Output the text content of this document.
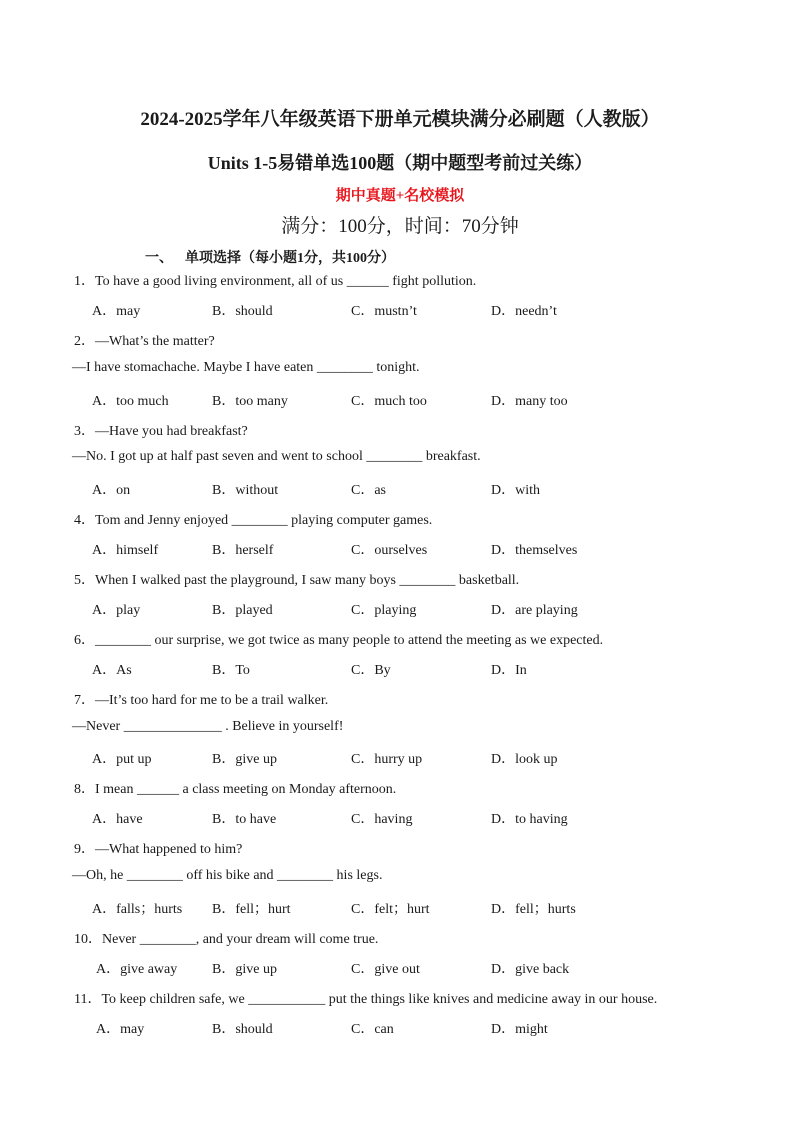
2024-2025学年八年级英语下册单元模块满分必刷题（人教版）
Units 1-5易错单选100题（期中题型考前过关练）
期中真题+名校模拟
满分：100分，时间：70分钟
一、 单项选择（每小题1分，共100分）
1．To have a good living environment, all of us ______ fight pollution.
A．may	B．should	C．mustn’t	D．needn’t
2．—What’s the matter?
—I have stomachache. Maybe I have eaten ________ tonight.
A．too much	B．too many	C．much too	D．many too
3．—Have you had breakfast?
—No. I got up at half past seven and went to school ________ breakfast.
A．on	B．without	C．as	D．with
4．Tom and Jenny enjoyed ________ playing computer games.
A．himself	B．herself	C．ourselves	D．themselves
5．When I walked past the playground, I saw many boys ________ basketball.
A．play	B．played	C．playing	D．are playing
6．________ our surprise, we got twice as many people to attend the meeting as we expected.
A．As	B．To	C．By	D．In
7．—It’s too hard for me to be a trail walker.
—Never ______________ . Believe in yourself!
A．put up	B．give up	C．hurry up	D．look up
8．I mean ______ a class meeting on Monday afternoon.
A．have	B．to have	C．having	D．to having
9．—What happened to him?
—Oh, he ________ off his bike and ________ his legs.
A．falls；hurts B．fell；hurt	C．felt；hurt	D．fell；hurts
10．Never ________, and your dream will come true.
A．give away B．give up	C．give out	D．give back
11．To keep children safe, we ___________ put the things like knives and medicine away in our house.
A．may	B．should	C．can	D．might
